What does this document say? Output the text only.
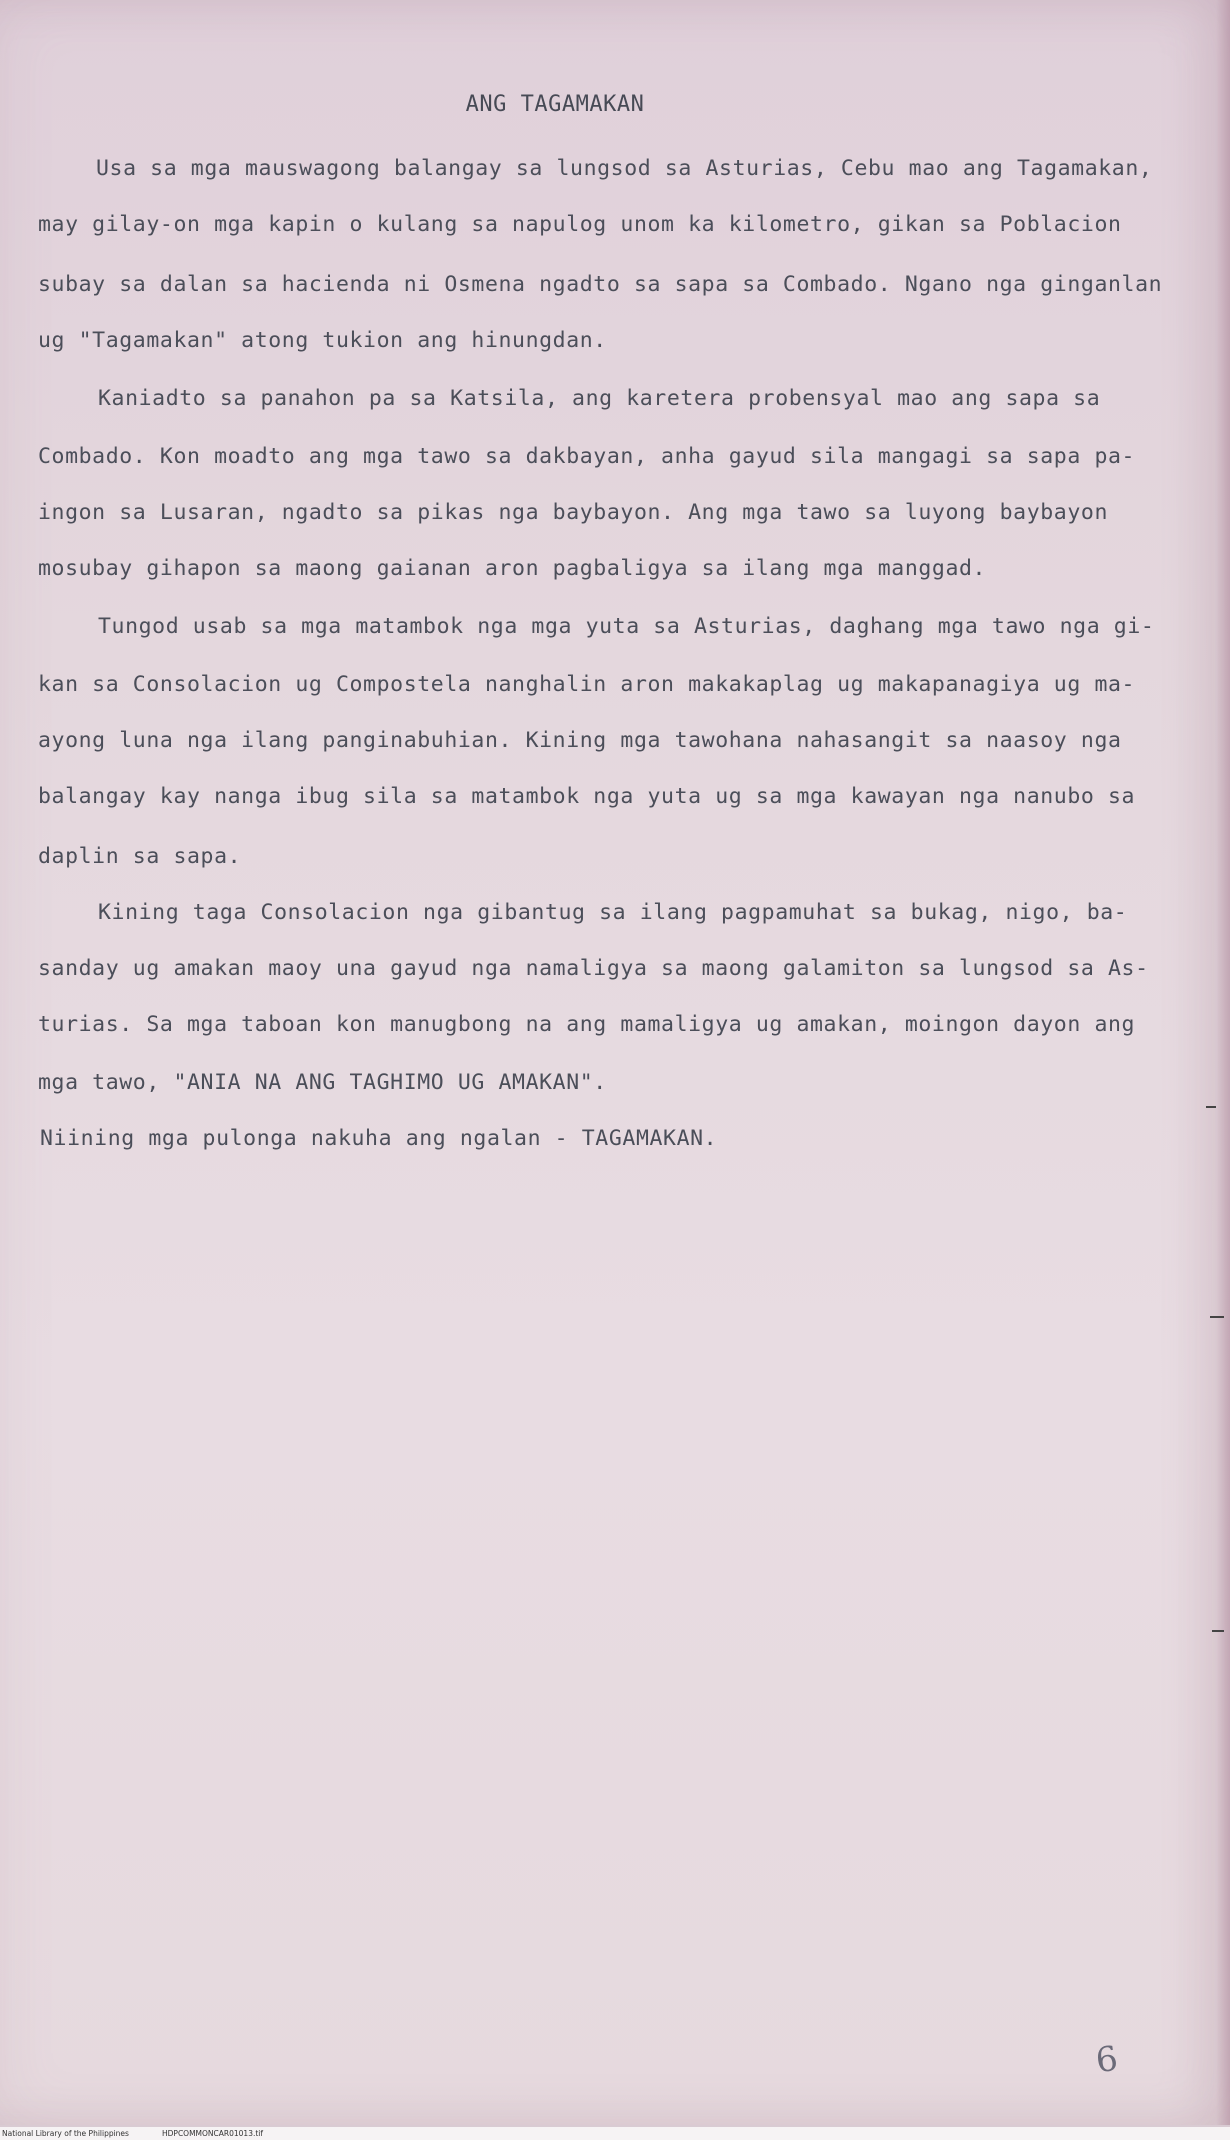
ANG TAGAMAKAN
Usa sa mga mauswagong balangay sa lungsod sa Asturias, Cebu mao ang Tagamakan,
may gilay-on mga kapin o kulang sa napulog unom ka kilometro, gikan sa Poblacion
subay sa dalan sa hacienda ni Osmena ngadto sa sapa sa Combado. Ngano nga ginganlan
ug "Tagamakan" atong tukion ang hinungdan.
Kaniadto sa panahon pa sa Katsila, ang karetera probensyal mao ang sapa sa
Combado. Kon moadto ang mga tawo sa dakbayan, anha gayud sila mangagi sa sapa pa-
ingon sa Lusaran, ngadto sa pikas nga baybayon. Ang mga tawo sa luyong baybayon
mosubay gihapon sa maong gaianan aron pagbaligya sa ilang mga manggad.
Tungod usab sa mga matambok nga mga yuta sa Asturias, daghang mga tawo nga gi-
kan sa Consolacion ug Compostela nanghalin aron makakaplag ug makapanagiya ug ma-
ayong luna nga ilang panginabuhian. Kining mga tawohana nahasangit sa naasoy nga
balangay kay nanga ibug sila sa matambok nga yuta ug sa mga kawayan nga nanubo sa
daplin sa sapa.
Kining taga Consolacion nga gibantug sa ilang pagpamuhat sa bukag, nigo, ba-
sanday ug amakan maoy una gayud nga namaligya sa maong galamiton sa lungsod sa As-
turias. Sa mga taboan kon manugbong na ang mamaligya ug amakan, moingon dayon ang
mga tawo, "ANIA NA ANG TAGHIMO UG AMAKAN".
Niining mga pulonga nakuha ang ngalan - TAGAMAKAN.
6
National Library of the Philippines	HDPCOMMONCAR01013.tif
